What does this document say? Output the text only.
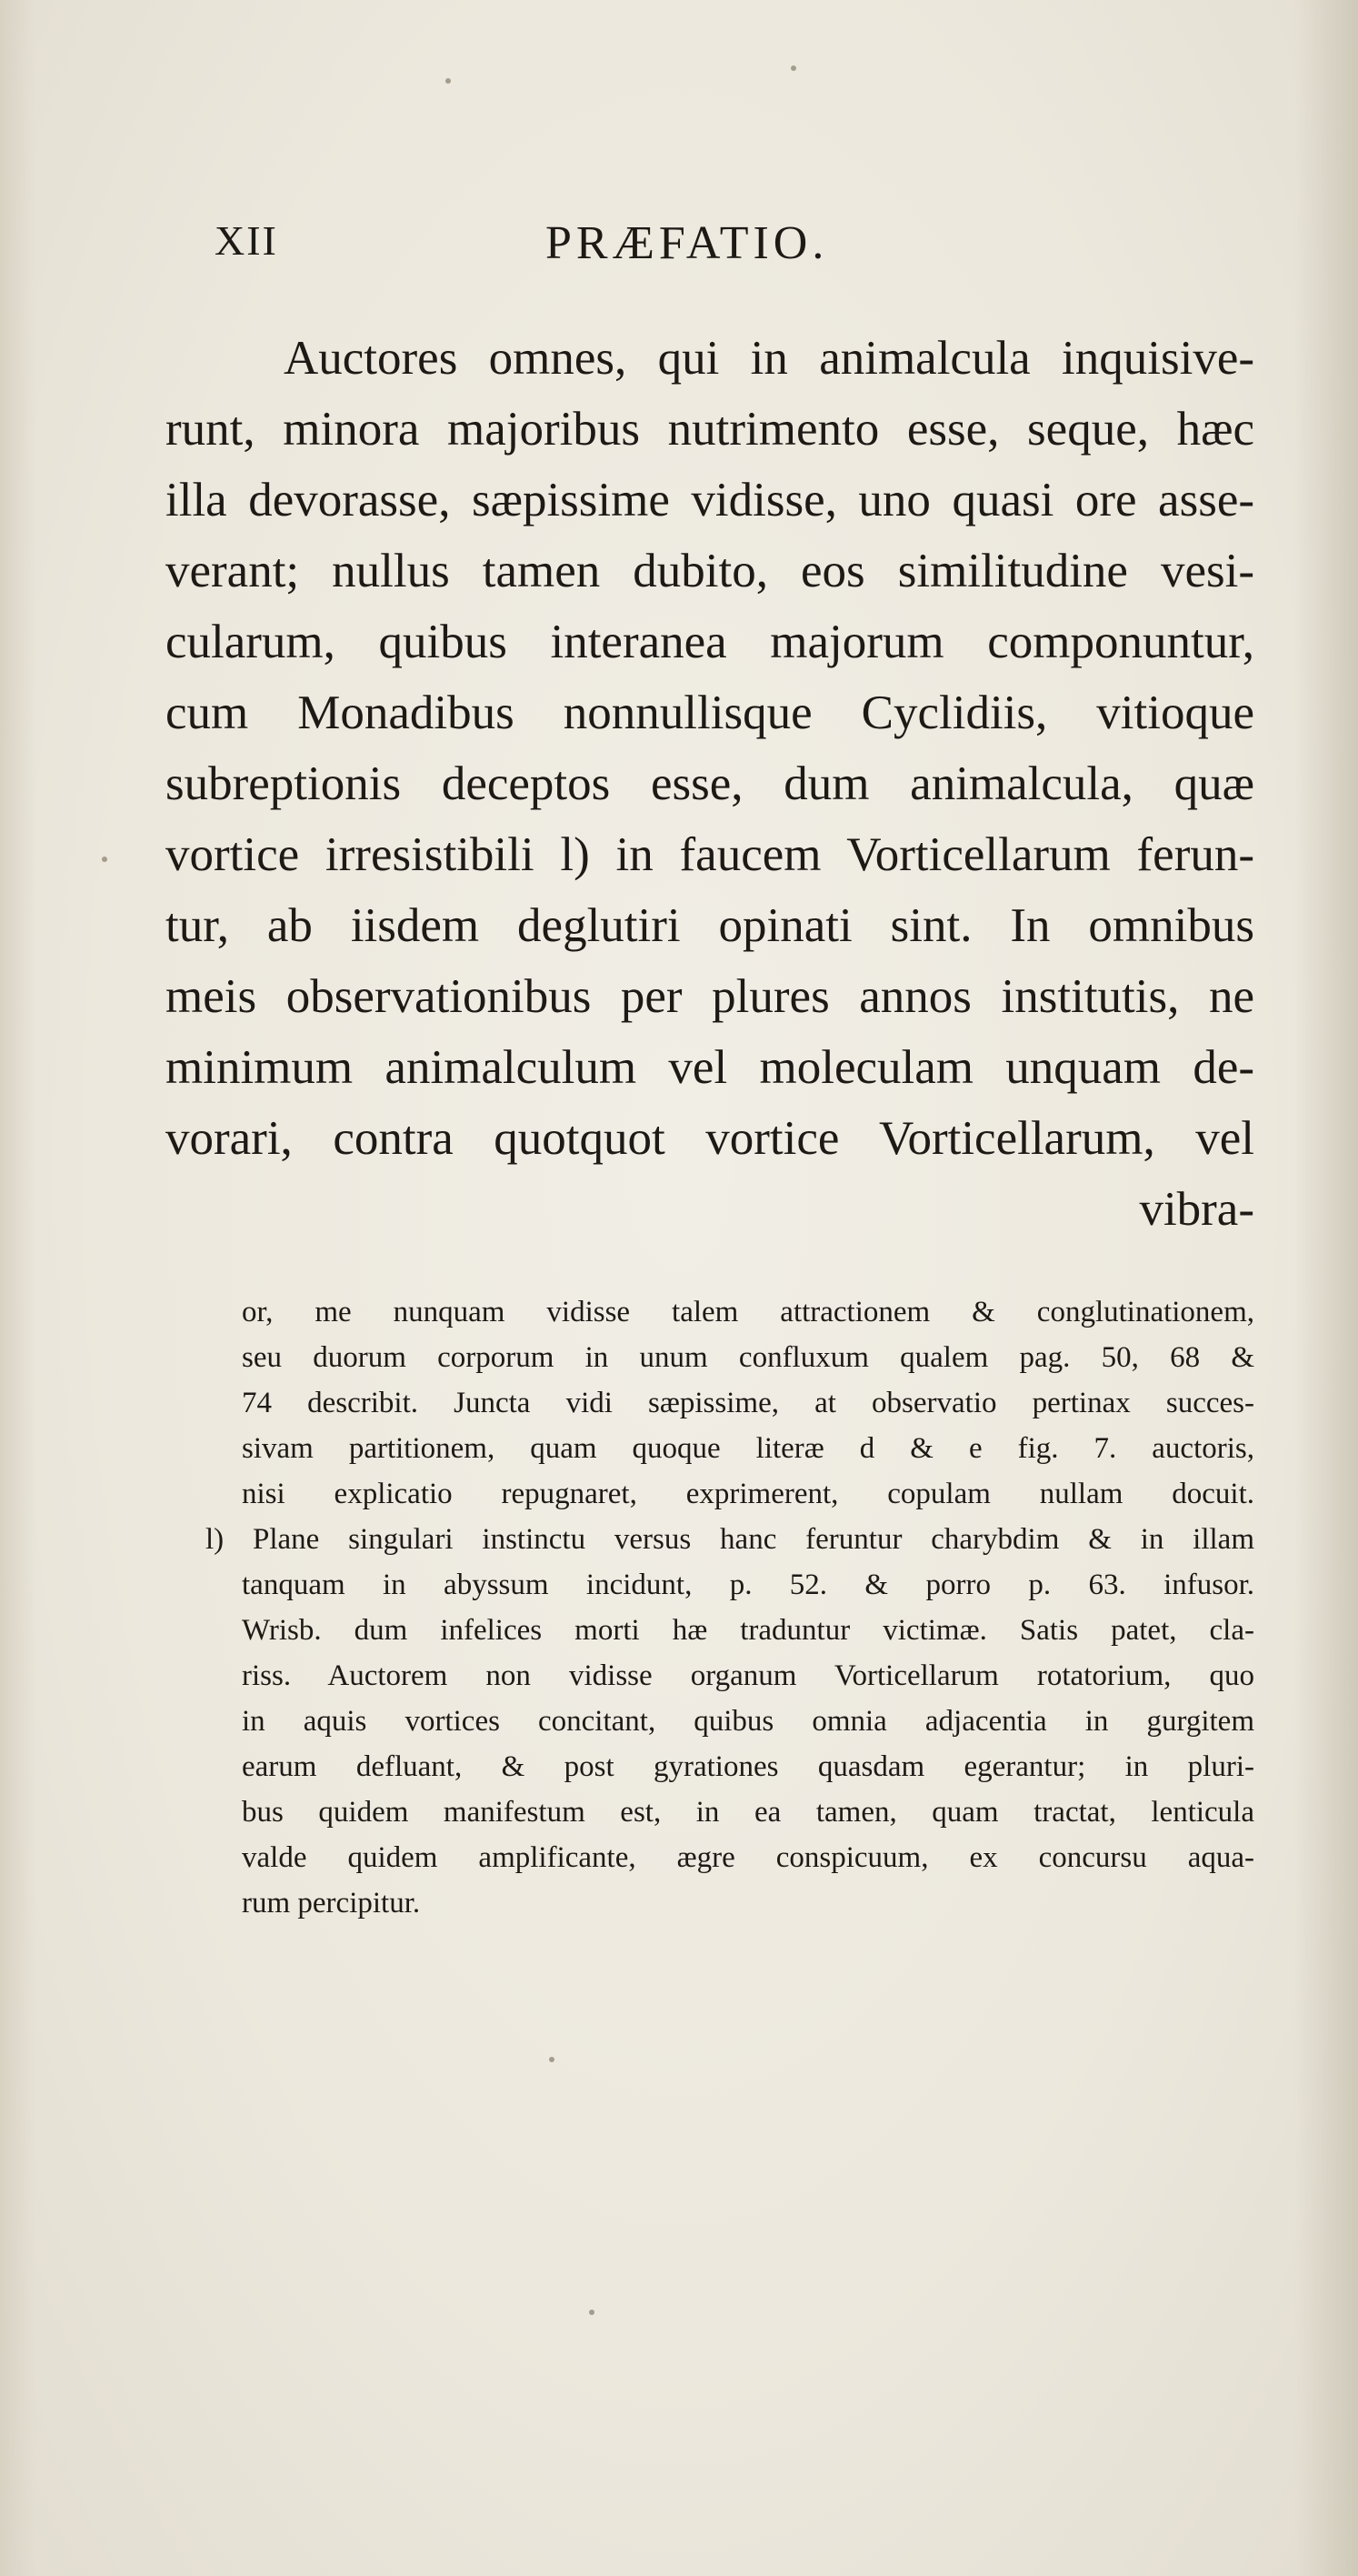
XII	PRÆFATIO.
Auctores omnes, qui in animalcula inquisive-
runt, minora majoribus nutrimento esse, seque, hæc
illa devorasse, sæpissime vidisse, uno quasi ore asse-
verant; nullus tamen dubito, eos similitudine vesi-
cularum, quibus interanea majorum componuntur,
cum Monadibus nonnullisque Cyclidiis, vitioque
subreptionis deceptos esse, dum animalcula, quæ
vortice irresistibili l) in faucem Vorticellarum ferun-
tur, ab iisdem deglutiri opinati sint. In omnibus
meis observationibus per plures annos institutis, ne
minimum animalculum vel moleculam unquam de-
vorari, contra quotquot vortice Vorticellarum, vel
vibra-
or, me nunquam vidisse talem attractionem & conglutinationem,
seu duorum corporum in unum confluxum qualem pag. 50, 68 &
74 describit. Juncta vidi sæpissime, at observatio pertinax succes-
sivam partitionem, quam quoque literæ d & e fig. 7. auctoris,
nisi explicatio repugnaret, exprimerent, copulam nullam docuit.
l) Plane singulari instinctu versus hanc feruntur charybdim & in illam
tanquam in abyssum incidunt, p. 52. & porro p. 63. infusor.
Wrisb. dum infelices morti hæ traduntur victimæ. Satis patet, cla-
riss. Auctorem non vidisse organum Vorticellarum rotatorium, quo
in aquis vortices concitant, quibus omnia adjacentia in gurgitem
earum defluant, & post gyrationes quasdam egerantur; in pluri-
bus quidem manifestum est, in ea tamen, quam tractat, lenticula
valde quidem amplificante, ægre conspicuum, ex concursu aqua-
rum percipitur.
